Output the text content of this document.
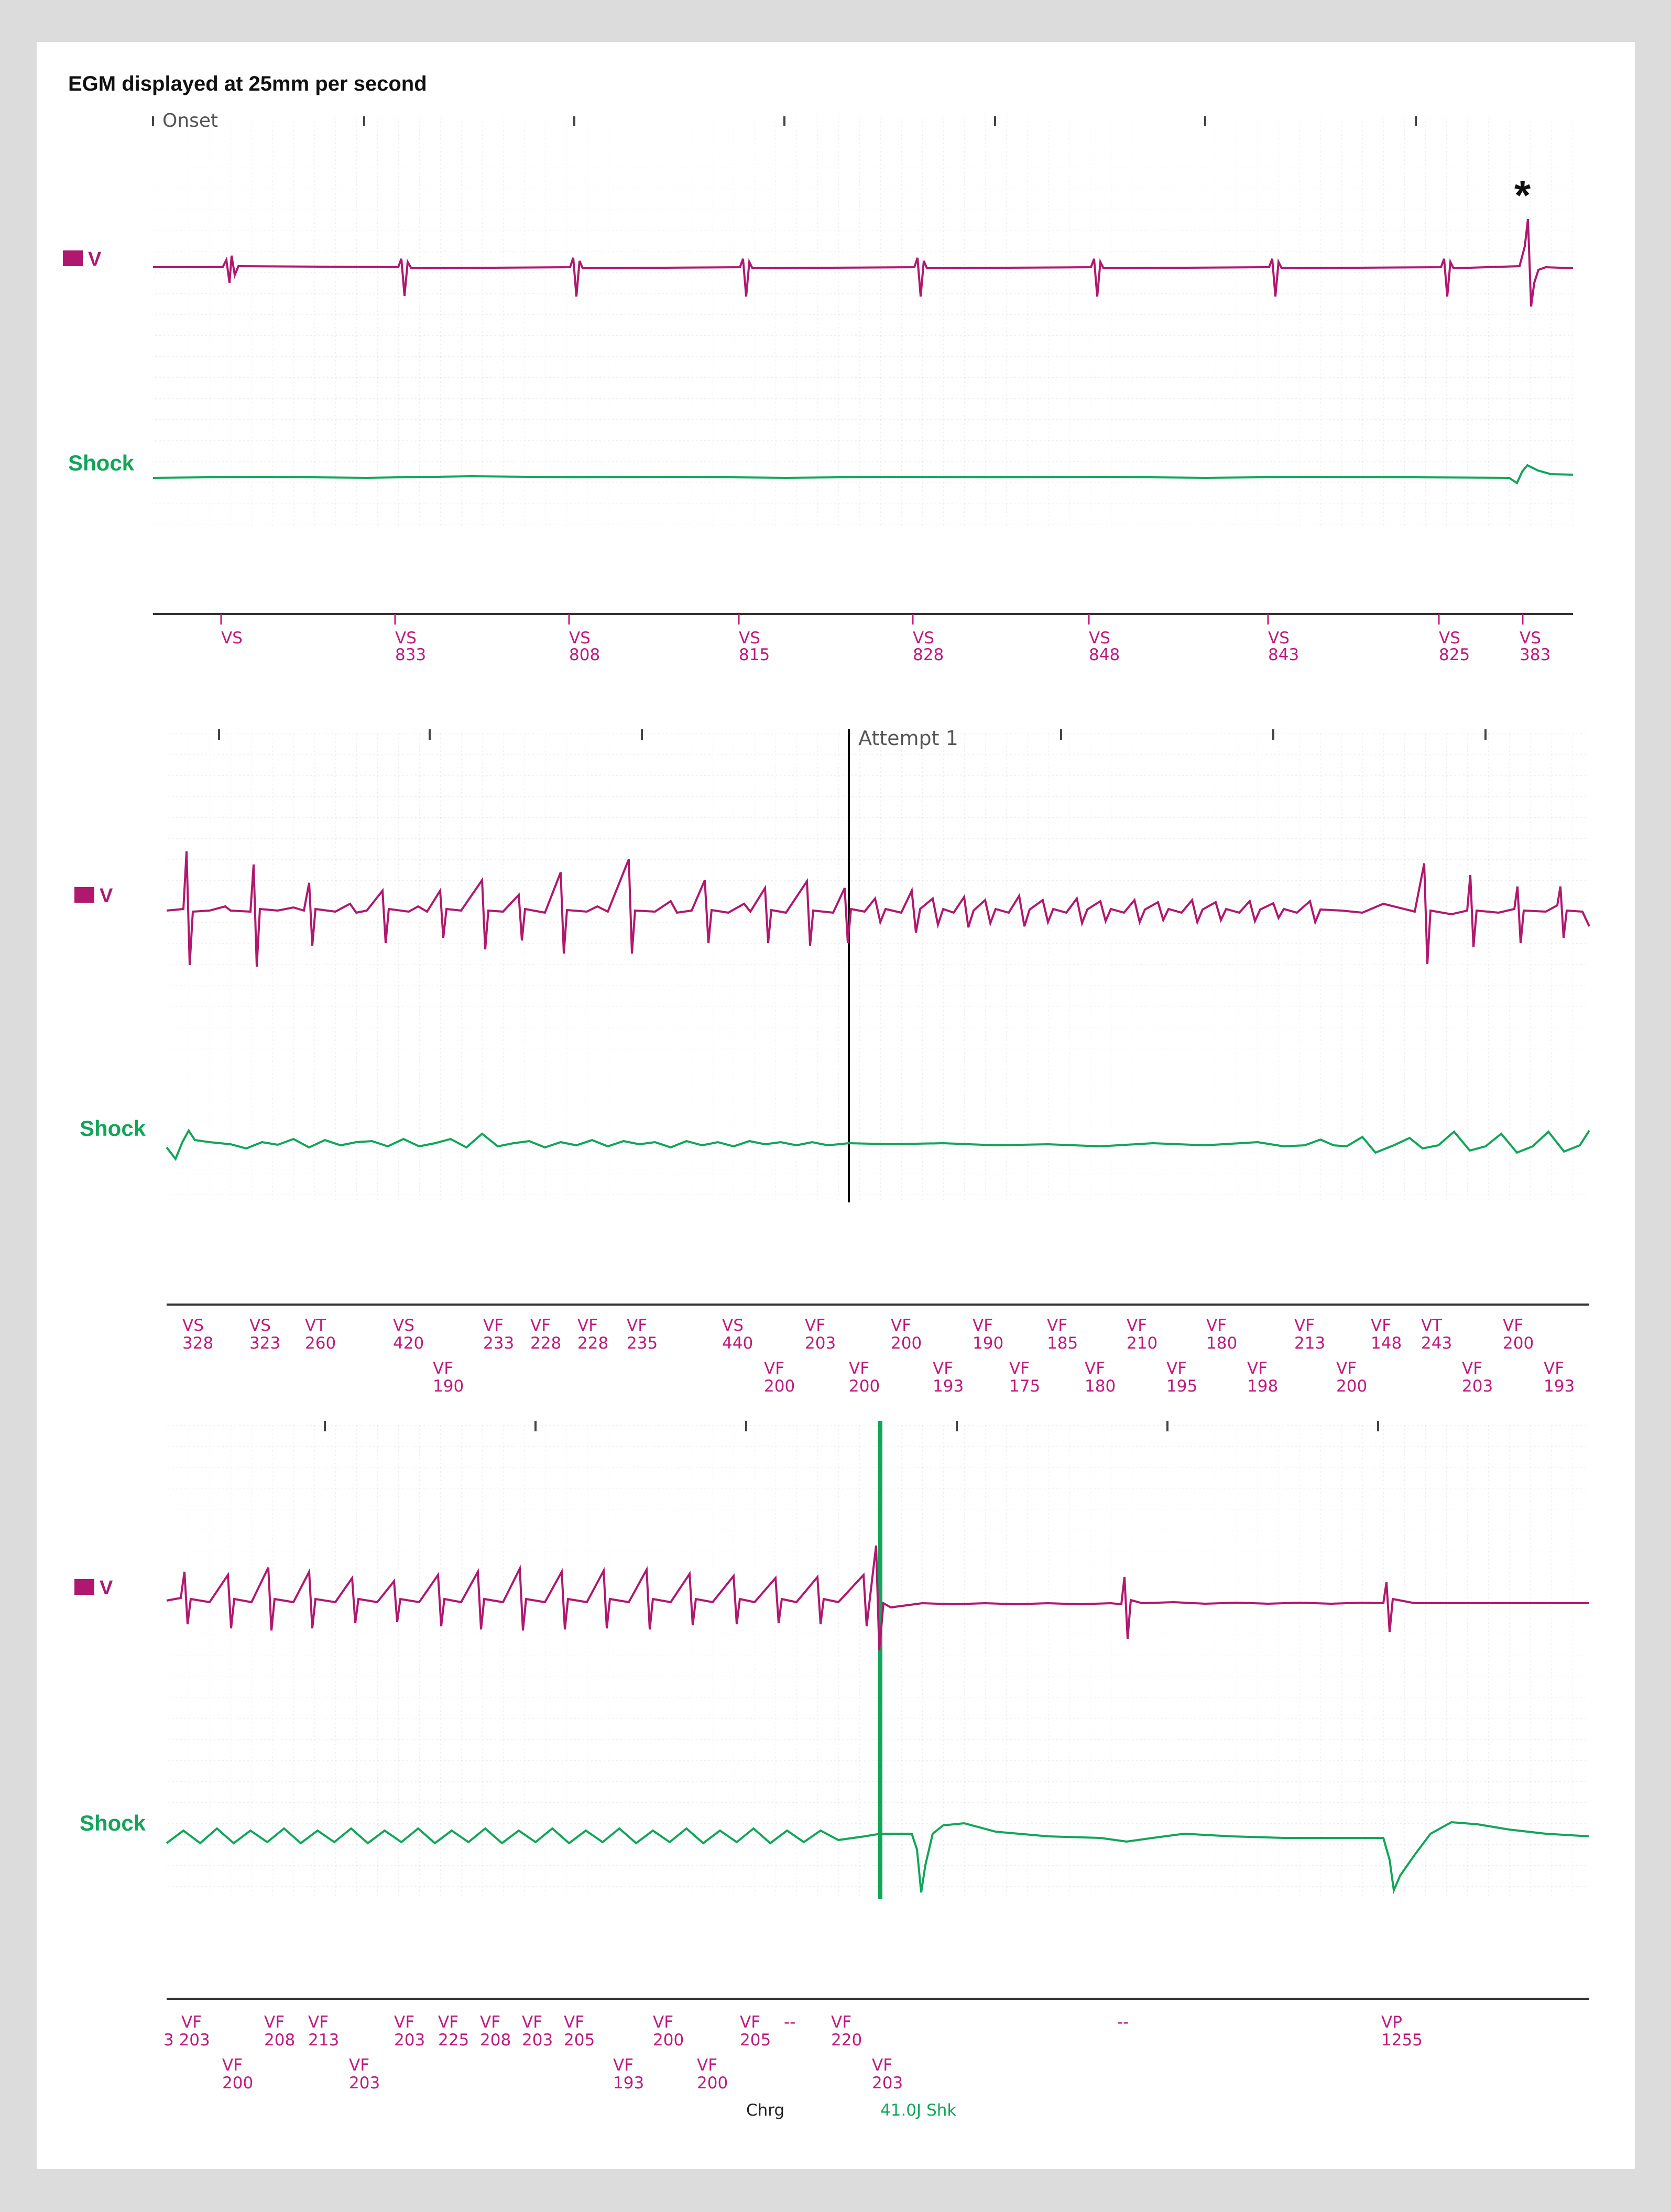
EGM displayed at 25mm per second
Onset
*
V
Shock
VS	VS
833
VS
808
VS
815
VS
828
VS
848
VS
843
VS
825
VS
383
Attempt 1
V
Shock
VS
328
VS
323
VT
260
VS
420
VF
190
VF
233
VF
228
VF
228
VF
235
VS
440
VF
200
VF
203
VF
200
VF
200
VF
193
VF
190
VF
175
VF
185
VF
180
VF
210
VF
195
VF
180
VF
198
VF
213
VF
200
VF
148
VT
243
VF
203
VF
200
VF
193
V
Shock
VF
3 203
VF
200
VF
208
VF
213
VF
203
VF
203
VF
225
VF
208
VF
203
VF
205
VF
193
VF
200
VF
200
VF
205
-- VF
220
VF
203
--	VP
1255
Chrg	41.0J Shk
